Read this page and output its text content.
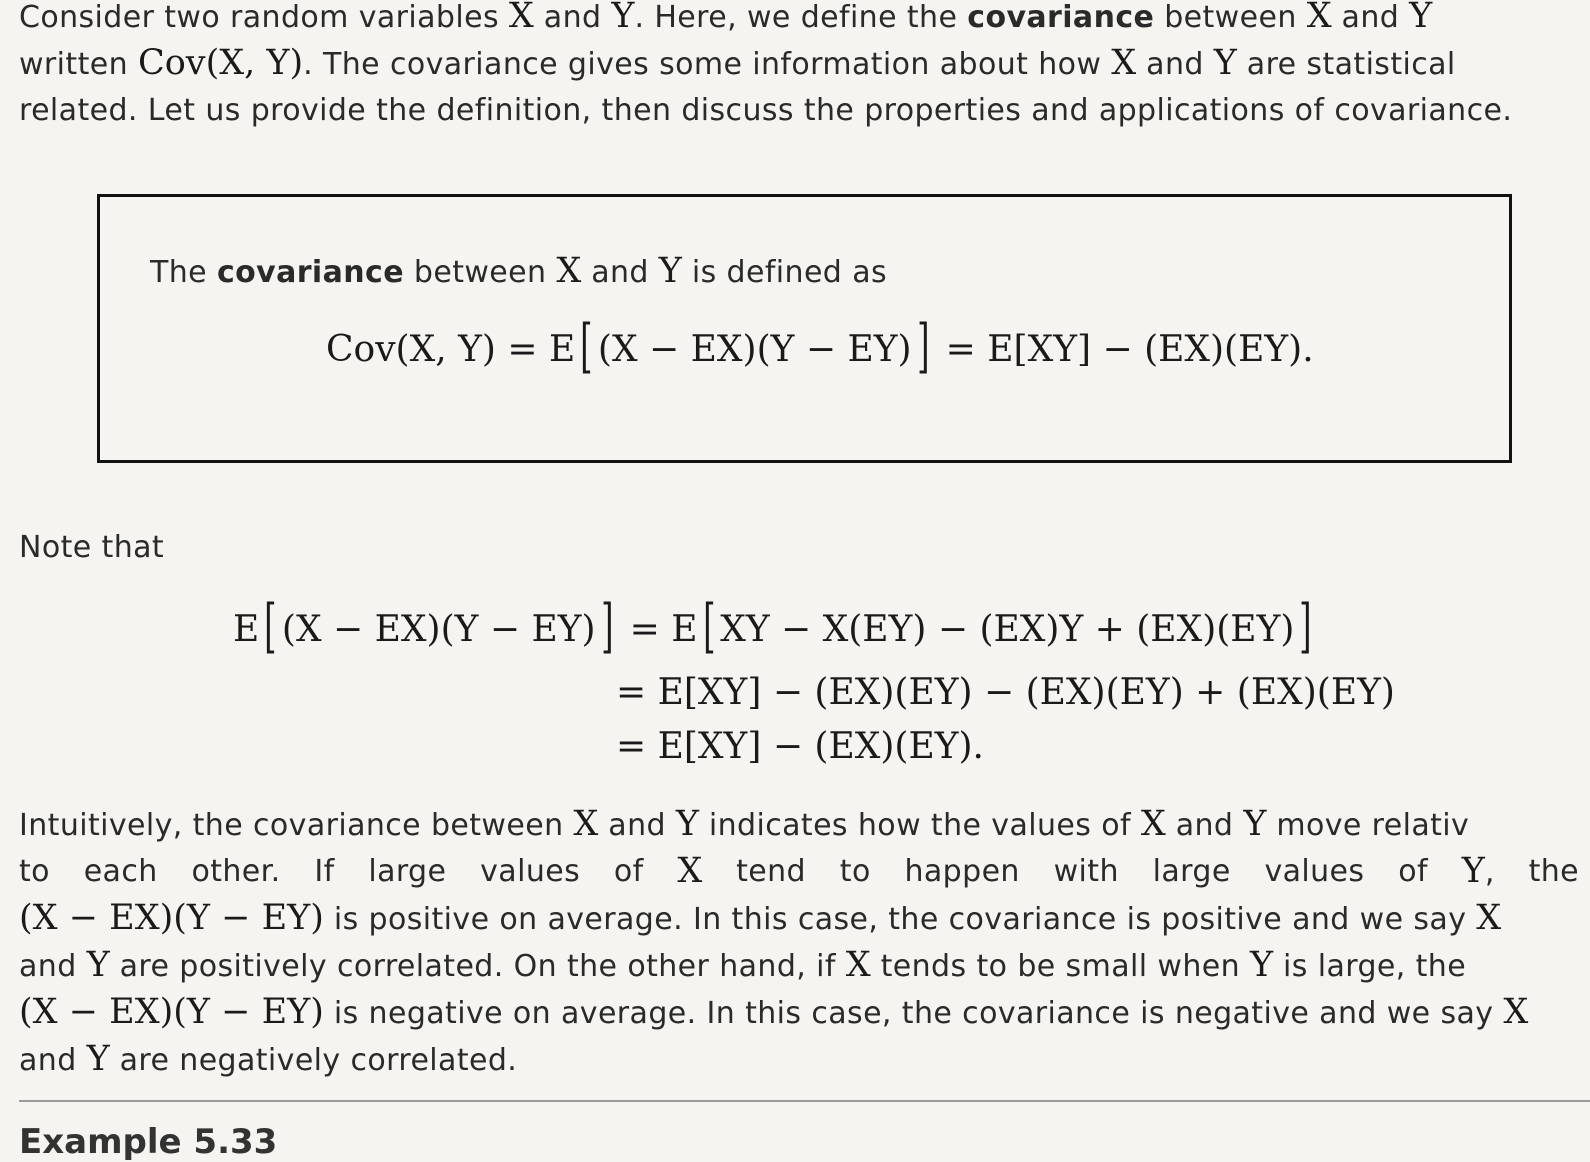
Consider two random variables X and Y. Here, we define the covariance between X and Y
written Cov(X, Y). The covariance gives some information about how X and Y are statistical
related. Let us provide the definition, then discuss the properties and applications of covariance.
The covariance between X and Y is defined as
Cov(X, Y) = E[ (X − EX)(Y − EY)] = E[XY] − (EX)(EY).
Note that
E[ (X − EX)(Y − EY)] = E[ XY − X(EY) − (EX)Y + (EX)(EY)]
= E[XY] − (EX)(EY) − (EX)(EY) + (EX)(EY)
= E[XY] − (EX)(EY).
Intuitively, the covariance between X and Y indicates how the values of X and Y move relativ
to each other. If large values of X tend to happen with large values of Y, the
(X − EX)(Y − EY) is positive on average. In this case, the covariance is positive and we say X
and Y are positively correlated. On the other hand, if X tends to be small when Y is large, the
(X − EX)(Y − EY) is negative on average. In this case, the covariance is negative and we say X
and Y are negatively correlated.
Example 5.33
